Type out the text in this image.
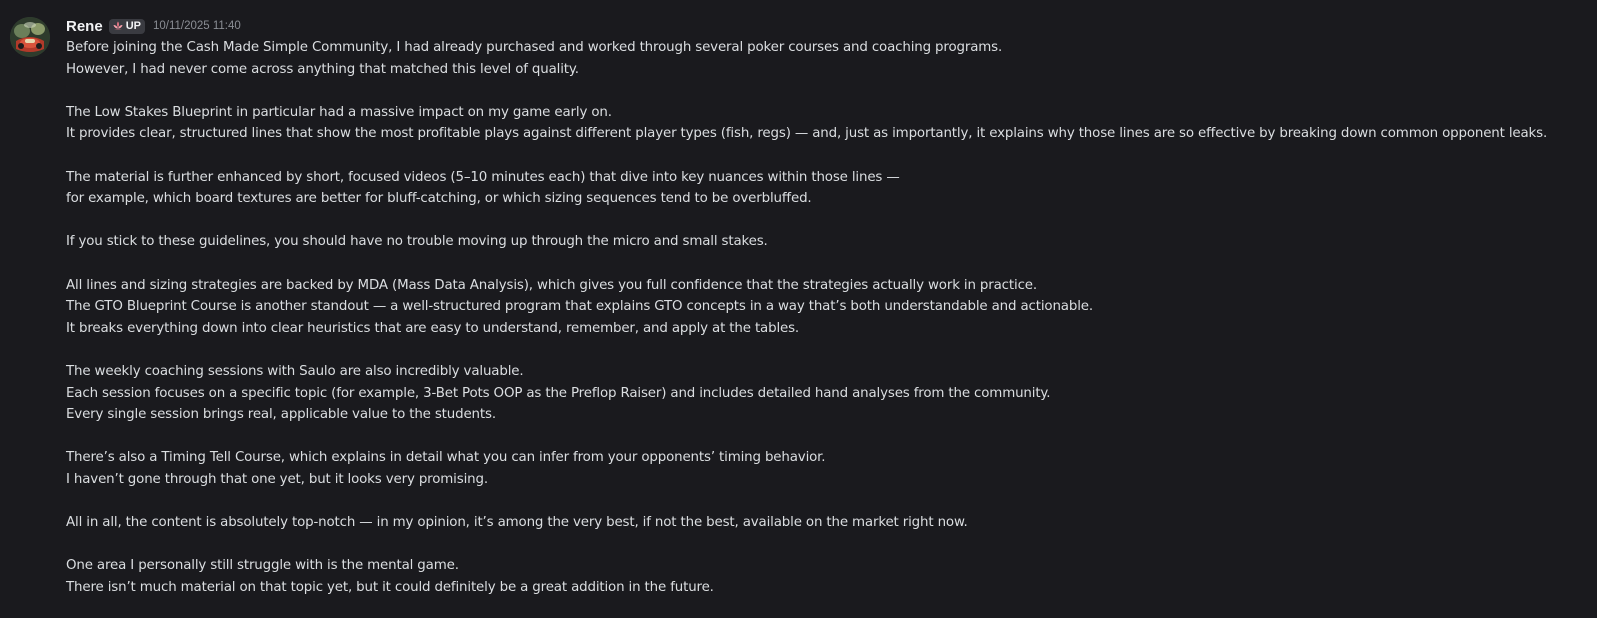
Rene UP 10/11/2025 11:40
Before joining the Cash Made Simple Community, I had already purchased and worked through several poker courses and coaching programs.
However, I had never come across anything that matched this level of quality.
The Low Stakes Blueprint in particular had a massive impact on my game early on.
It provides clear, structured lines that show the most profitable plays against different player types (fish, regs) — and, just as importantly, it explains why those lines are so effective by breaking down common opponent leaks.
The material is further enhanced by short, focused videos (5–10 minutes each) that dive into key nuances within those lines —
for example, which board textures are better for bluff-catching, or which sizing sequences tend to be overbluffed.
If you stick to these guidelines, you should have no trouble moving up through the micro and small stakes.
All lines and sizing strategies are backed by MDA (Mass Data Analysis), which gives you full confidence that the strategies actually work in practice.
The GTO Blueprint Course is another standout — a well-structured program that explains GTO concepts in a way that’s both understandable and actionable.
It breaks everything down into clear heuristics that are easy to understand, remember, and apply at the tables.
The weekly coaching sessions with Saulo are also incredibly valuable.
Each session focuses on a specific topic (for example, 3-Bet Pots OOP as the Preflop Raiser) and includes detailed hand analyses from the community.
Every single session brings real, applicable value to the students.
There’s also a Timing Tell Course, which explains in detail what you can infer from your opponents’ timing behavior.
I haven’t gone through that one yet, but it looks very promising.
All in all, the content is absolutely top-notch — in my opinion, it’s among the very best, if not the best, available on the market right now.
One area I personally still struggle with is the mental game.
There isn’t much material on that topic yet, but it could definitely be a great addition in the future.
